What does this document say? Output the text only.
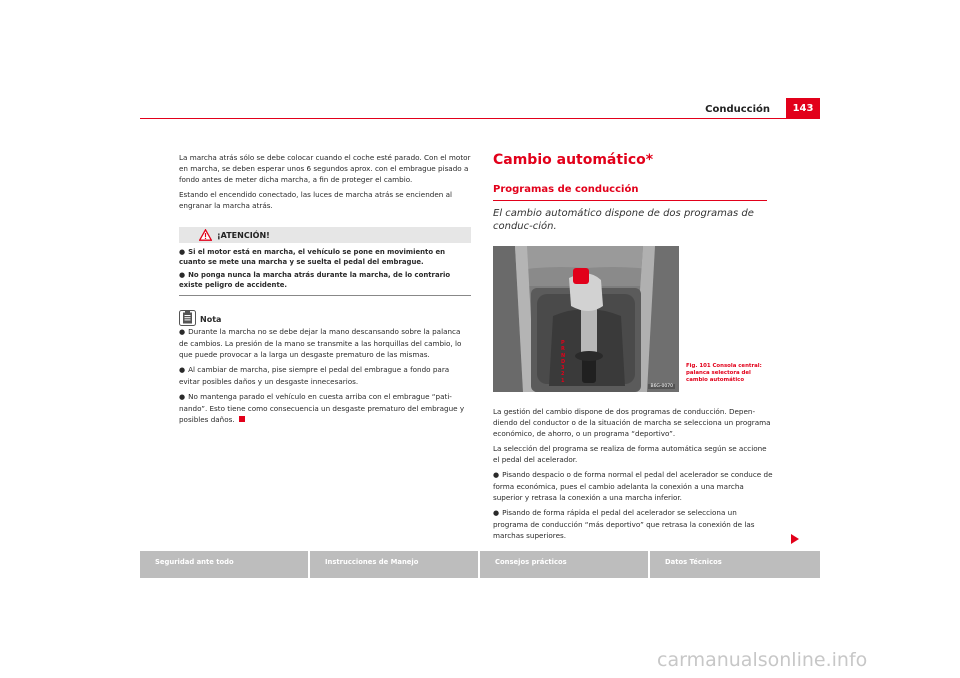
Conducción	143

La marcha atrás sólo se debe colocar cuando el coche esté parado. Con el motor en marcha, se deben esperar unos 6 segundos aprox. con el embrague pisado a fondo antes de meter dicha marcha, a fin de proteger el cambio.

Estando el encendido conectado, las luces de marcha atrás se encienden al engranar la marcha atrás.

¡ATENCIÓN!

● Si el motor está en marcha, el vehículo se pone en movimiento en cuanto se mete una marcha y se suelta el pedal del embrague.

● No ponga nunca la marcha atrás durante la marcha, de lo contrario existe peligro de accidente.

Nota

● Durante la marcha no se debe dejar la mano descansando sobre la palanca de cambios. La presión de la mano se transmite a las horquillas del cambio, lo que puede provocar a la larga un desgaste prematuro de las mismas.

● Al cambiar de marcha, pise siempre el pedal del embrague a fondo para evitar posibles daños y un desgaste innecesarios.

● No mantenga parado el vehículo en cuesta arriba con el embrague “pati-nando”. Esto tiene como consecuencia un desgaste prematuro del embrague y posibles daños.

Cambio automático*
Programas de conducción
El cambio automático dispone de dos programas de conduc-ción.
P
R
N
D
3
2
1
B6G-0070
Fig. 101 Consola central: palanca selectora del cambio automático

La gestión del cambio dispone de dos programas de conducción. Depen-diendo del conductor o de la situación de marcha se selecciona un programa económico, de ahorro, o un programa “deportivo”.

La selección del programa se realiza de forma automática según se accione el pedal del acelerador.

● Pisando despacio o de forma normal el pedal del acelerador se conduce de forma económica, pues el cambio adelanta la conexión a una marcha superior y retrasa la conexión a una marcha inferior.

● Pisando de forma rápida el pedal del acelerador se selecciona un programa de conducción “más deportivo” que retrasa la conexión de las marchas superiores.

Seguridad ante todo	Instrucciones de Manejo	Consejos prácticos	Datos Técnicos
carmanualsonline.info
